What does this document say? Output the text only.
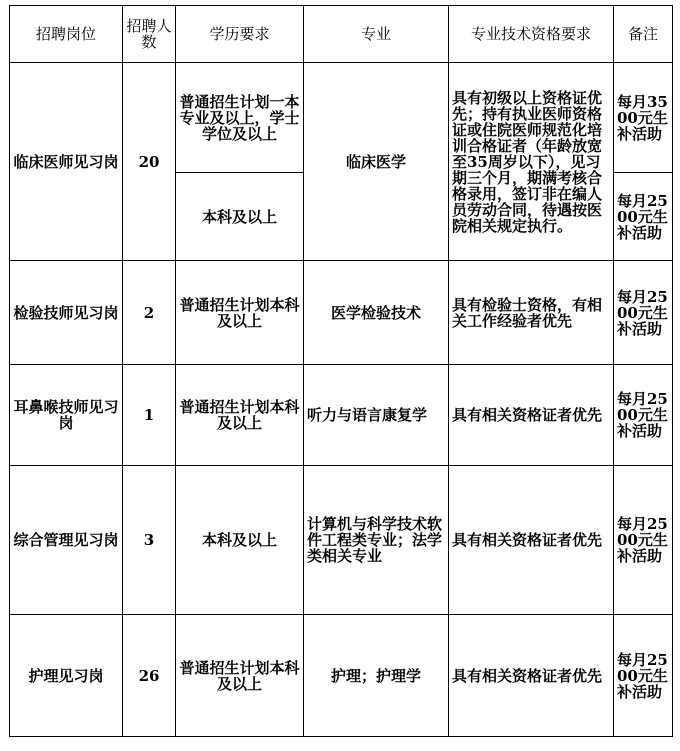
招聘岗位	招聘人数	学历要求	专业	专业技术资格要求	备注
临床医师见习岗	20	普通招生计划一本专业及以上，学士学位及以上	临床医学	具有初级以上资格证优先；持有执业医师资格证或住院医师规范化培训合格证者（年龄放宽至35周岁以下），见习期三个月，期满考核合格录用，签订非在编人员劳动合同，待遇按医院相关规定执行。	每月3500元生补活助
		本科及以上			每月2500元生补活助
检验技师见习岗	2	普通招生计划本科及以上	医学检验技术	具有检验士资格，有相关工作经验者优先	每月2500元生补活助
耳鼻喉技师见习岗	1	普通招生计划本科及以上	听力与语言康复学	具有相关资格证者优先	每月2500元生补活助
综合管理见习岗	3	本科及以上	计算机与科学技术软件工程类专业；法学类相关专业	具有相关资格证者优先	每月2500元生补活助
护理见习岗	26	普通招生计划本科及以上	护理；护理学	具有相关资格证者优先	每月2500元生补活助
